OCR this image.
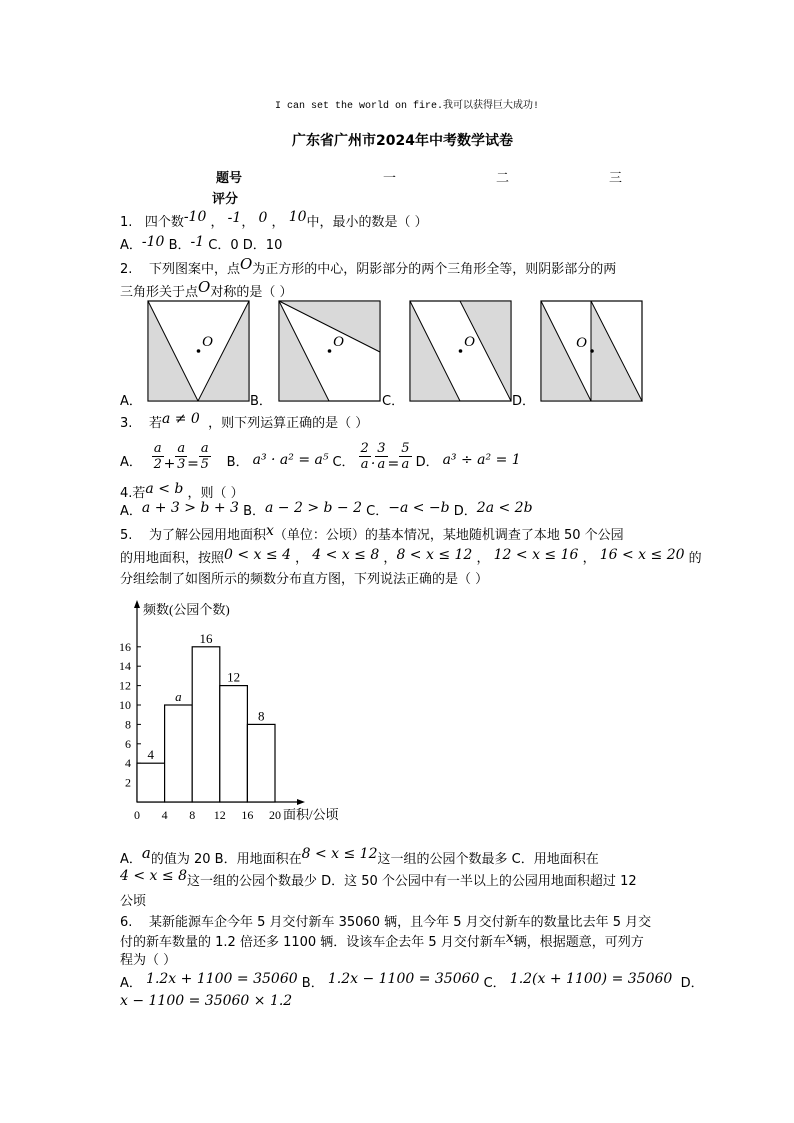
I can set the world on fire.我可以获得巨大成功!
广东省广州市2024年中考数学试卷
题号	一	二	三
评分
1. 四个数-10 ， -1， 0 ， 10中，最小的数是（ ）
A．-10 B．-1 C．0 D．10
2. 下列图案中，点O为正方形的中心，阴影部分的两个三角形全等，则阴影部分的两
三角形关于点O对称的是（ ）
O	O	O	O
A．	B．	C．	D．
3. 若a ≠ 0 ，则下列运算正确的是（ ）
A． $\frac{a}{2} + \frac{a}{3} = \frac{a}{5}$ B． a³ · a² = a⁵ C． $\frac{2}{a} \cdot \frac{3}{a} = \frac{5}{a}$ D． a³ ÷ a² = 1
4.若a < b ，则（ ）
A．a + 3 > b + 3 B．a − 2 > b − 2 C．−a < −b D．2a < 2b
5. 为了解公园用地面积x（单位：公顷）的基本情况，某地随机调查了本地 50 个公园
的用地面积，按照0 < x ≤ 4 ， 4 < x ≤ 8 ，8 < x ≤ 12 ， 12 < x ≤ 16 ， 16 < x ≤ 20 的
分组绘制了如图所示的频数分布直方图，下列说法正确的是（ ）
频数(公园个数)
面积/公顷
2
4
6
8
10
12
14
16
0 4 8 12 16 20
4
a
16
12
8
A．a的值为 20 B．用地面积在8 < x ≤ 12这一组的公园个数最多 C．用地面积在
4 < x ≤ 8这一组的公园个数最少 D．这 50 个公园中有一半以上的公园用地面积超过 12
公顷
6. 某新能源车企今年 5 月交付新车 35060 辆，且今年 5 月交付新车的数量比去年 5 月交
付的新车数量的 1.2 倍还多 1100 辆．设该车企去年 5 月交付新车x辆，根据题意，可列方
程为（ ）
A． 1.2x + 1100 = 35060 B． 1.2x − 1100 = 35060 C． 1.2(x + 1100) = 35060 D．
x − 1100 = 35060 × 1.2
